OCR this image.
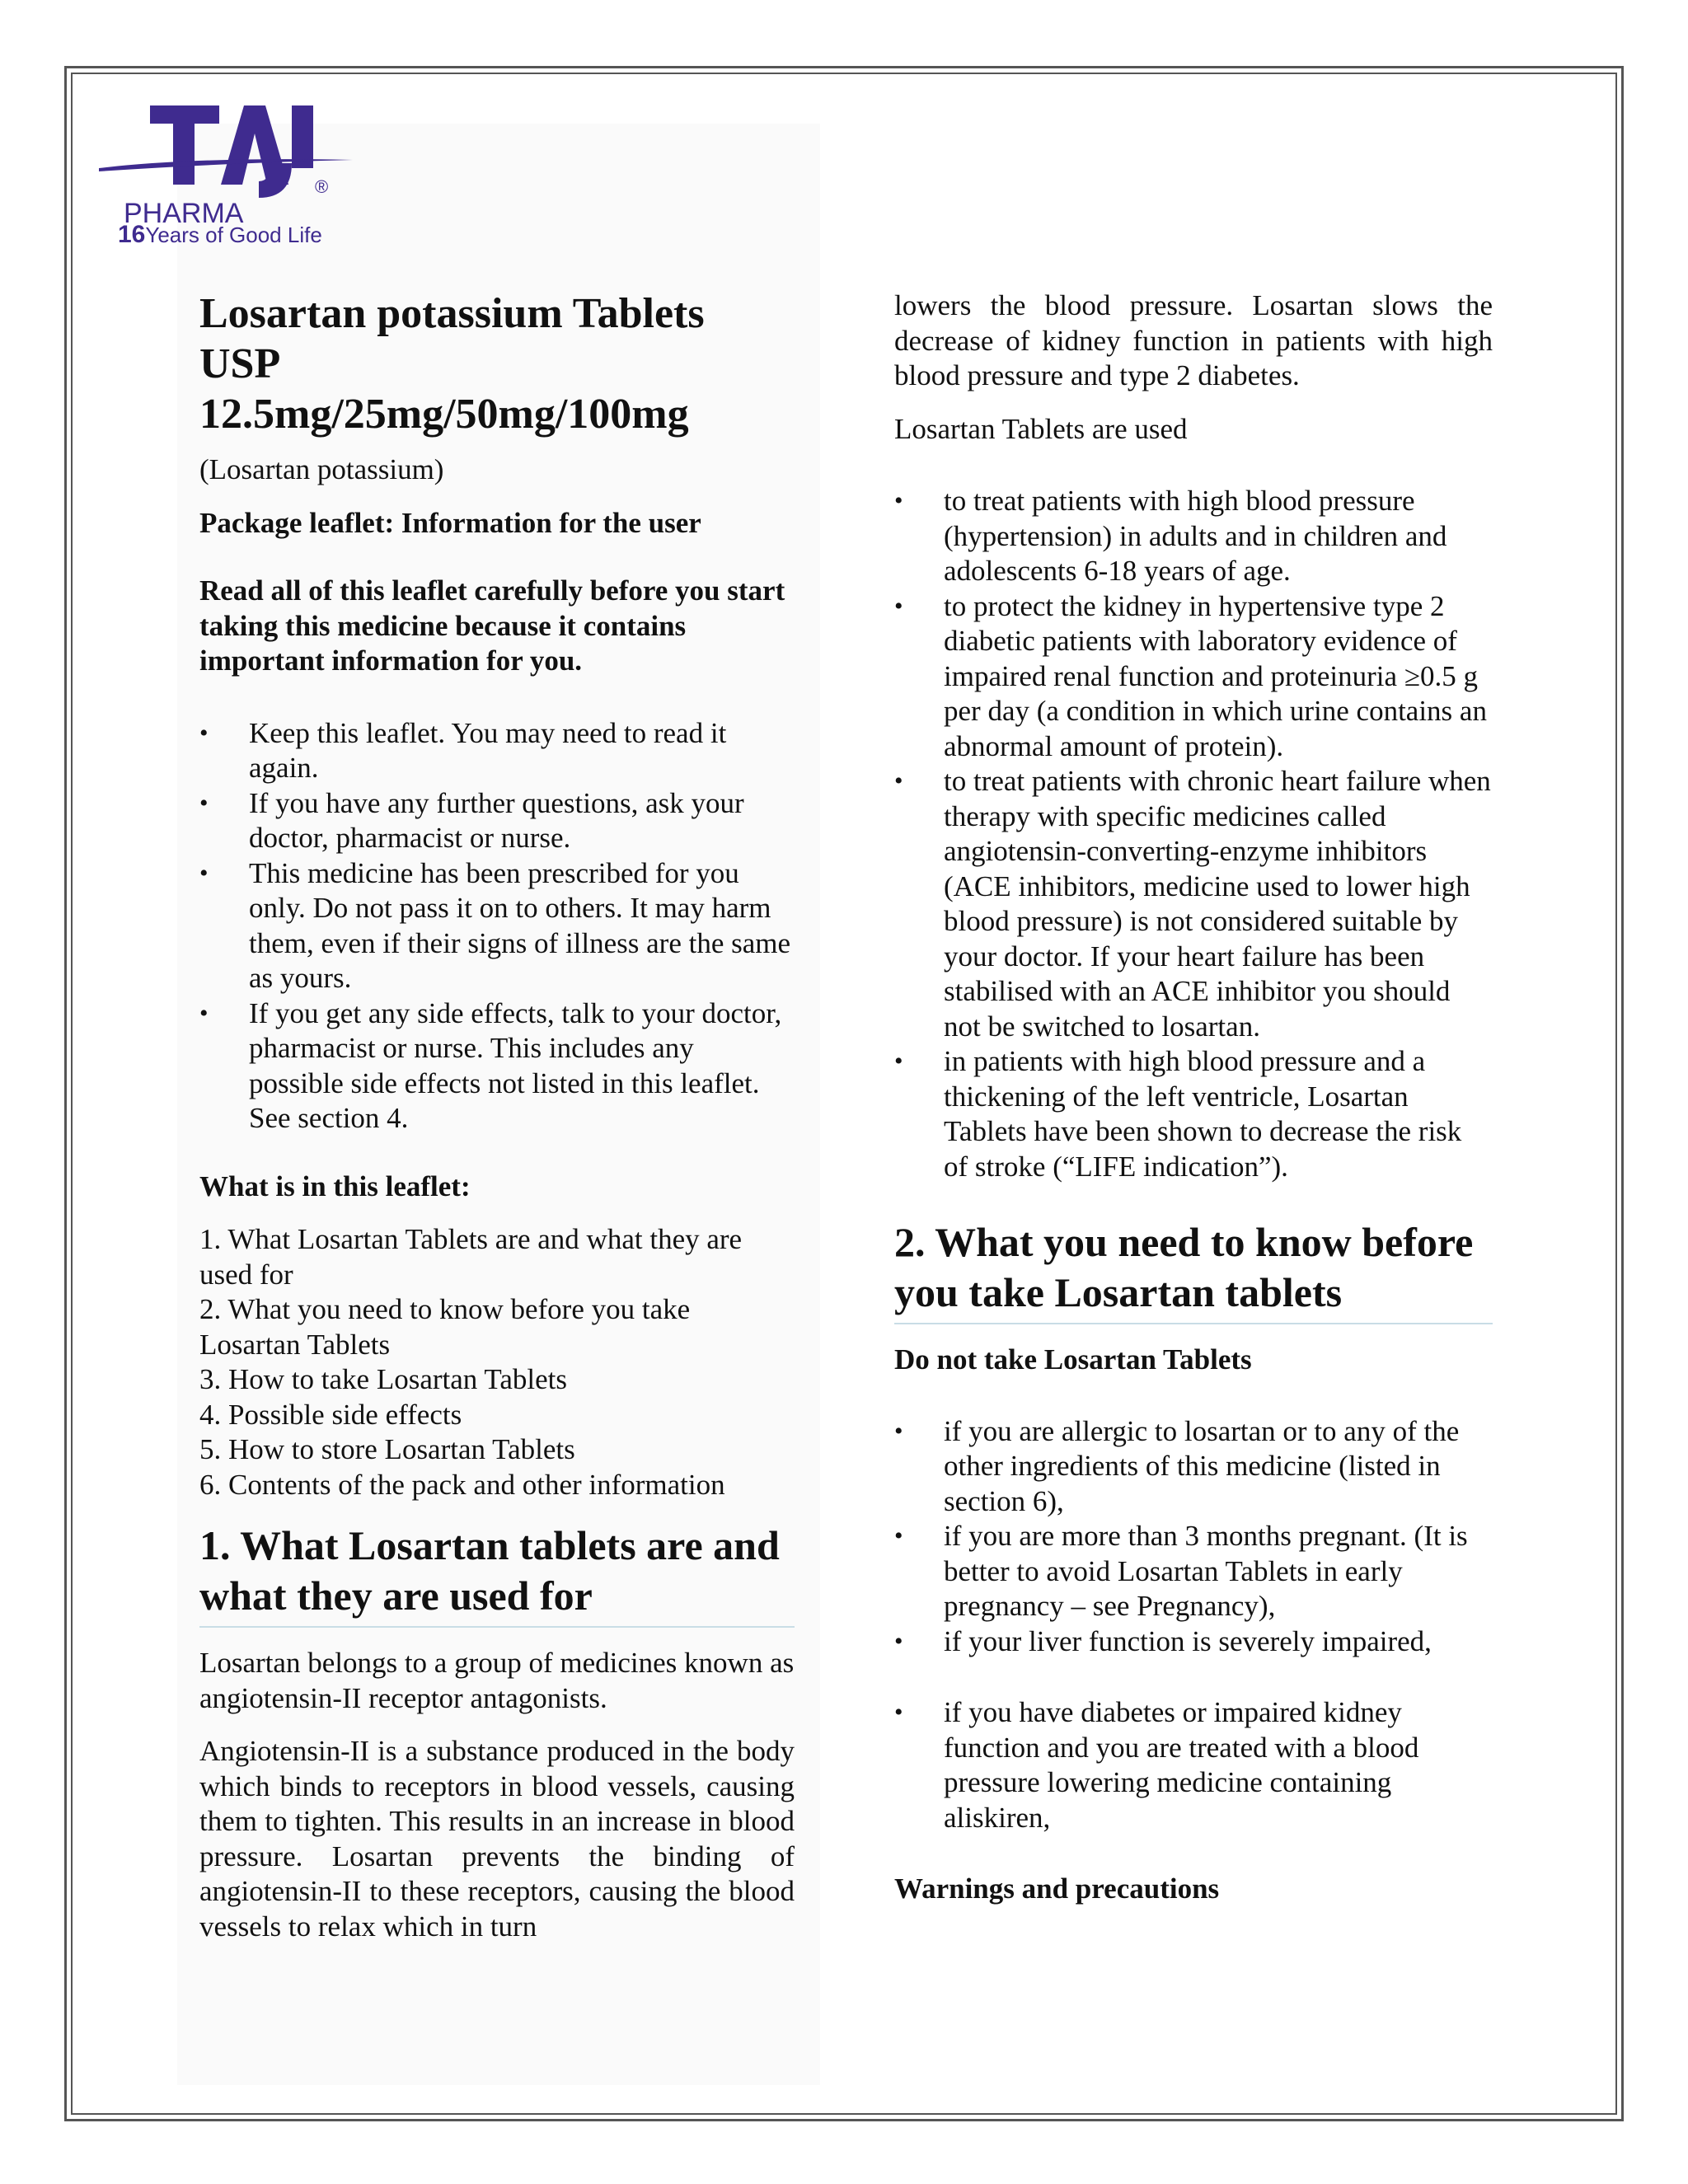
®
PHARMA
16Years of Good Life
Losartan potassium Tablets
USP
12.5mg/25mg/50mg/100mg

(Losartan potassium)

Package leaflet: Information for the user

Read all of this leaflet carefully before you start taking this medicine because it contains important information for you.

• Keep this leaflet. You may need to read it again.
• If you have any further questions, ask your doctor, pharmacist or nurse.
• This medicine has been prescribed for you only. Do not pass it on to others. It may harm them, even if their signs of illness are the same as yours.
• If you get any side effects, talk to your doctor, pharmacist or nurse. This includes any possible side effects not listed in this leaflet. See section 4.

What is in this leaflet:

1. What Losartan Tablets are and what they are used for

2. What you need to know before you take Losartan Tablets

3. How to take Losartan Tablets

4. Possible side effects

5. How to store Losartan Tablets

6. Contents of the pack and other information

1. What Losartan tablets are and what they are used for

Losartan belongs to a group of medicines known as angiotensin-II receptor antagonists.

Angiotensin-II is a substance produced in the body which binds to receptors in blood vessels, causing them to tighten. This results in an increase in blood pressure. Losartan prevents the binding of angiotensin-II to these receptors, causing the blood vessels to relax which in turn

lowers the blood pressure. Losartan slows the decrease of kidney function in patients with high blood pressure and type 2 diabetes.

Losartan Tablets are used

• to treat patients with high blood pressure (hypertension) in adults and in children and adolescents 6-18 years of age.
• to protect the kidney in hypertensive type 2 diabetic patients with laboratory evidence of impaired renal function and proteinuria ≥0.5 g per day (a condition in which urine contains an abnormal amount of protein).
• to treat patients with chronic heart failure when therapy with specific medicines called angiotensin-converting-enzyme inhibitors (ACE inhibitors, medicine used to lower high blood pressure) is not considered suitable by your doctor. If your heart failure has been stabilised with an ACE inhibitor you should not be switched to losartan.
• in patients with high blood pressure and a thickening of the left ventricle, Losartan Tablets have been shown to decrease the risk of stroke (“LIFE indication”).
2. What you need to know before you take Losartan tablets

Do not take Losartan Tablets

• if you are allergic to losartan or to any of the other ingredients of this medicine (listed in section 6),
• if you are more than 3 months pregnant. (It is better to avoid Losartan Tablets in early pregnancy – see Pregnancy),
• if your liver function is severely impaired,
• if you have diabetes or impaired kidney function and you are treated with a blood pressure lowering medicine containing aliskiren,

Warnings and precautions
